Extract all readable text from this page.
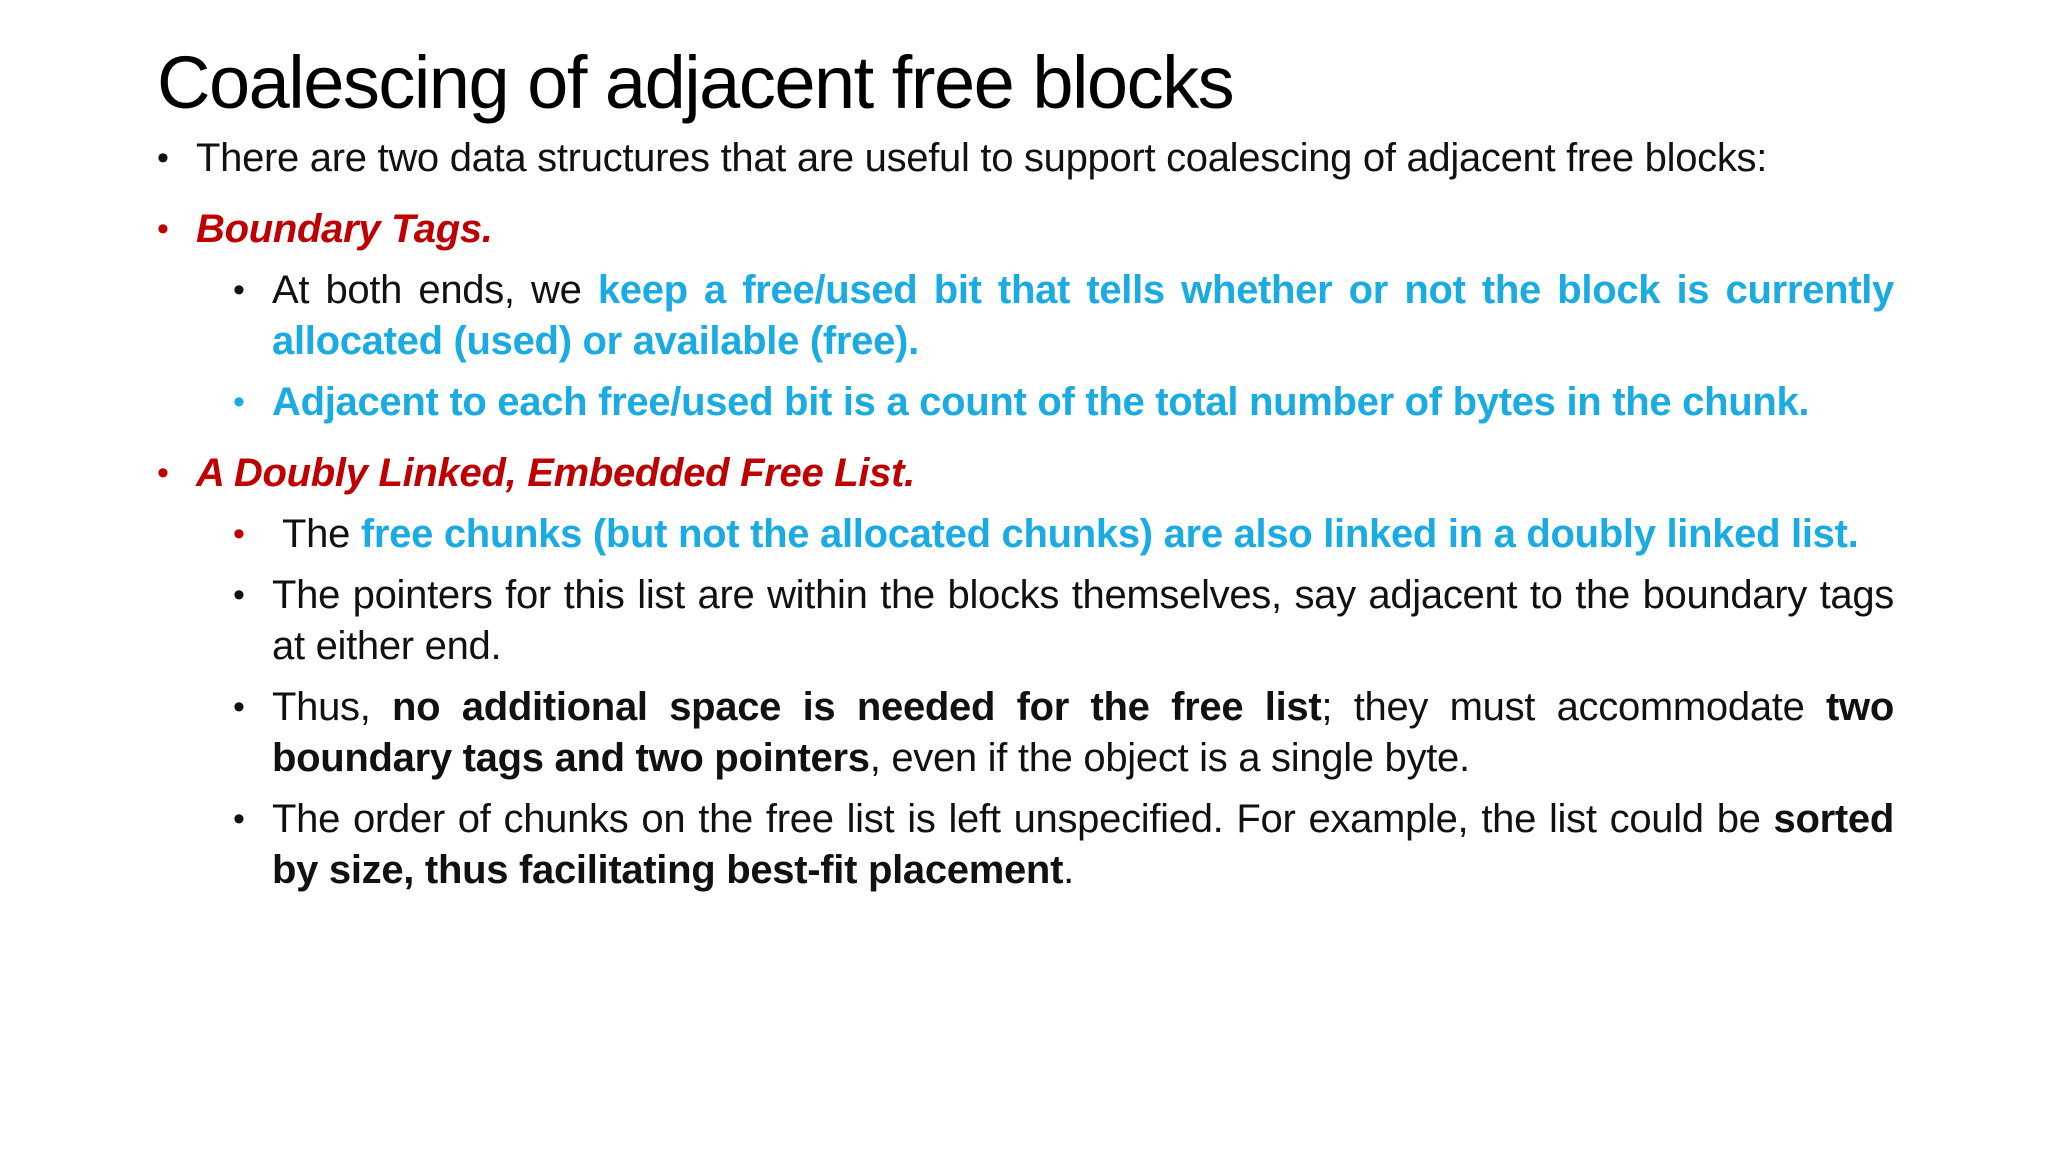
Coalescing of adjacent free blocks
• There are two data structures that are useful to support coalescing of adjacent free blocks:
• Boundary Tags.
• At both ends, we keep a free/used bit that tells whether or not the block is currently allocated (used) or available (free).
• Adjacent to each free/used bit is a count of the total number of bytes in the chunk.
• A Doubly Linked, Embedded Free List.
• The free chunks (but not the allocated chunks) are also linked in a doubly linked list.
• The pointers for this list are within the blocks themselves, say adjacent to the boundary tags at either end.
• Thus, no additional space is needed for the free list; they must accommodate two boundary tags and two pointers, even if the object is a single byte.
• The order of chunks on the free list is left unspecified. For example, the list could be sorted by size, thus facilitating best-fit placement.
